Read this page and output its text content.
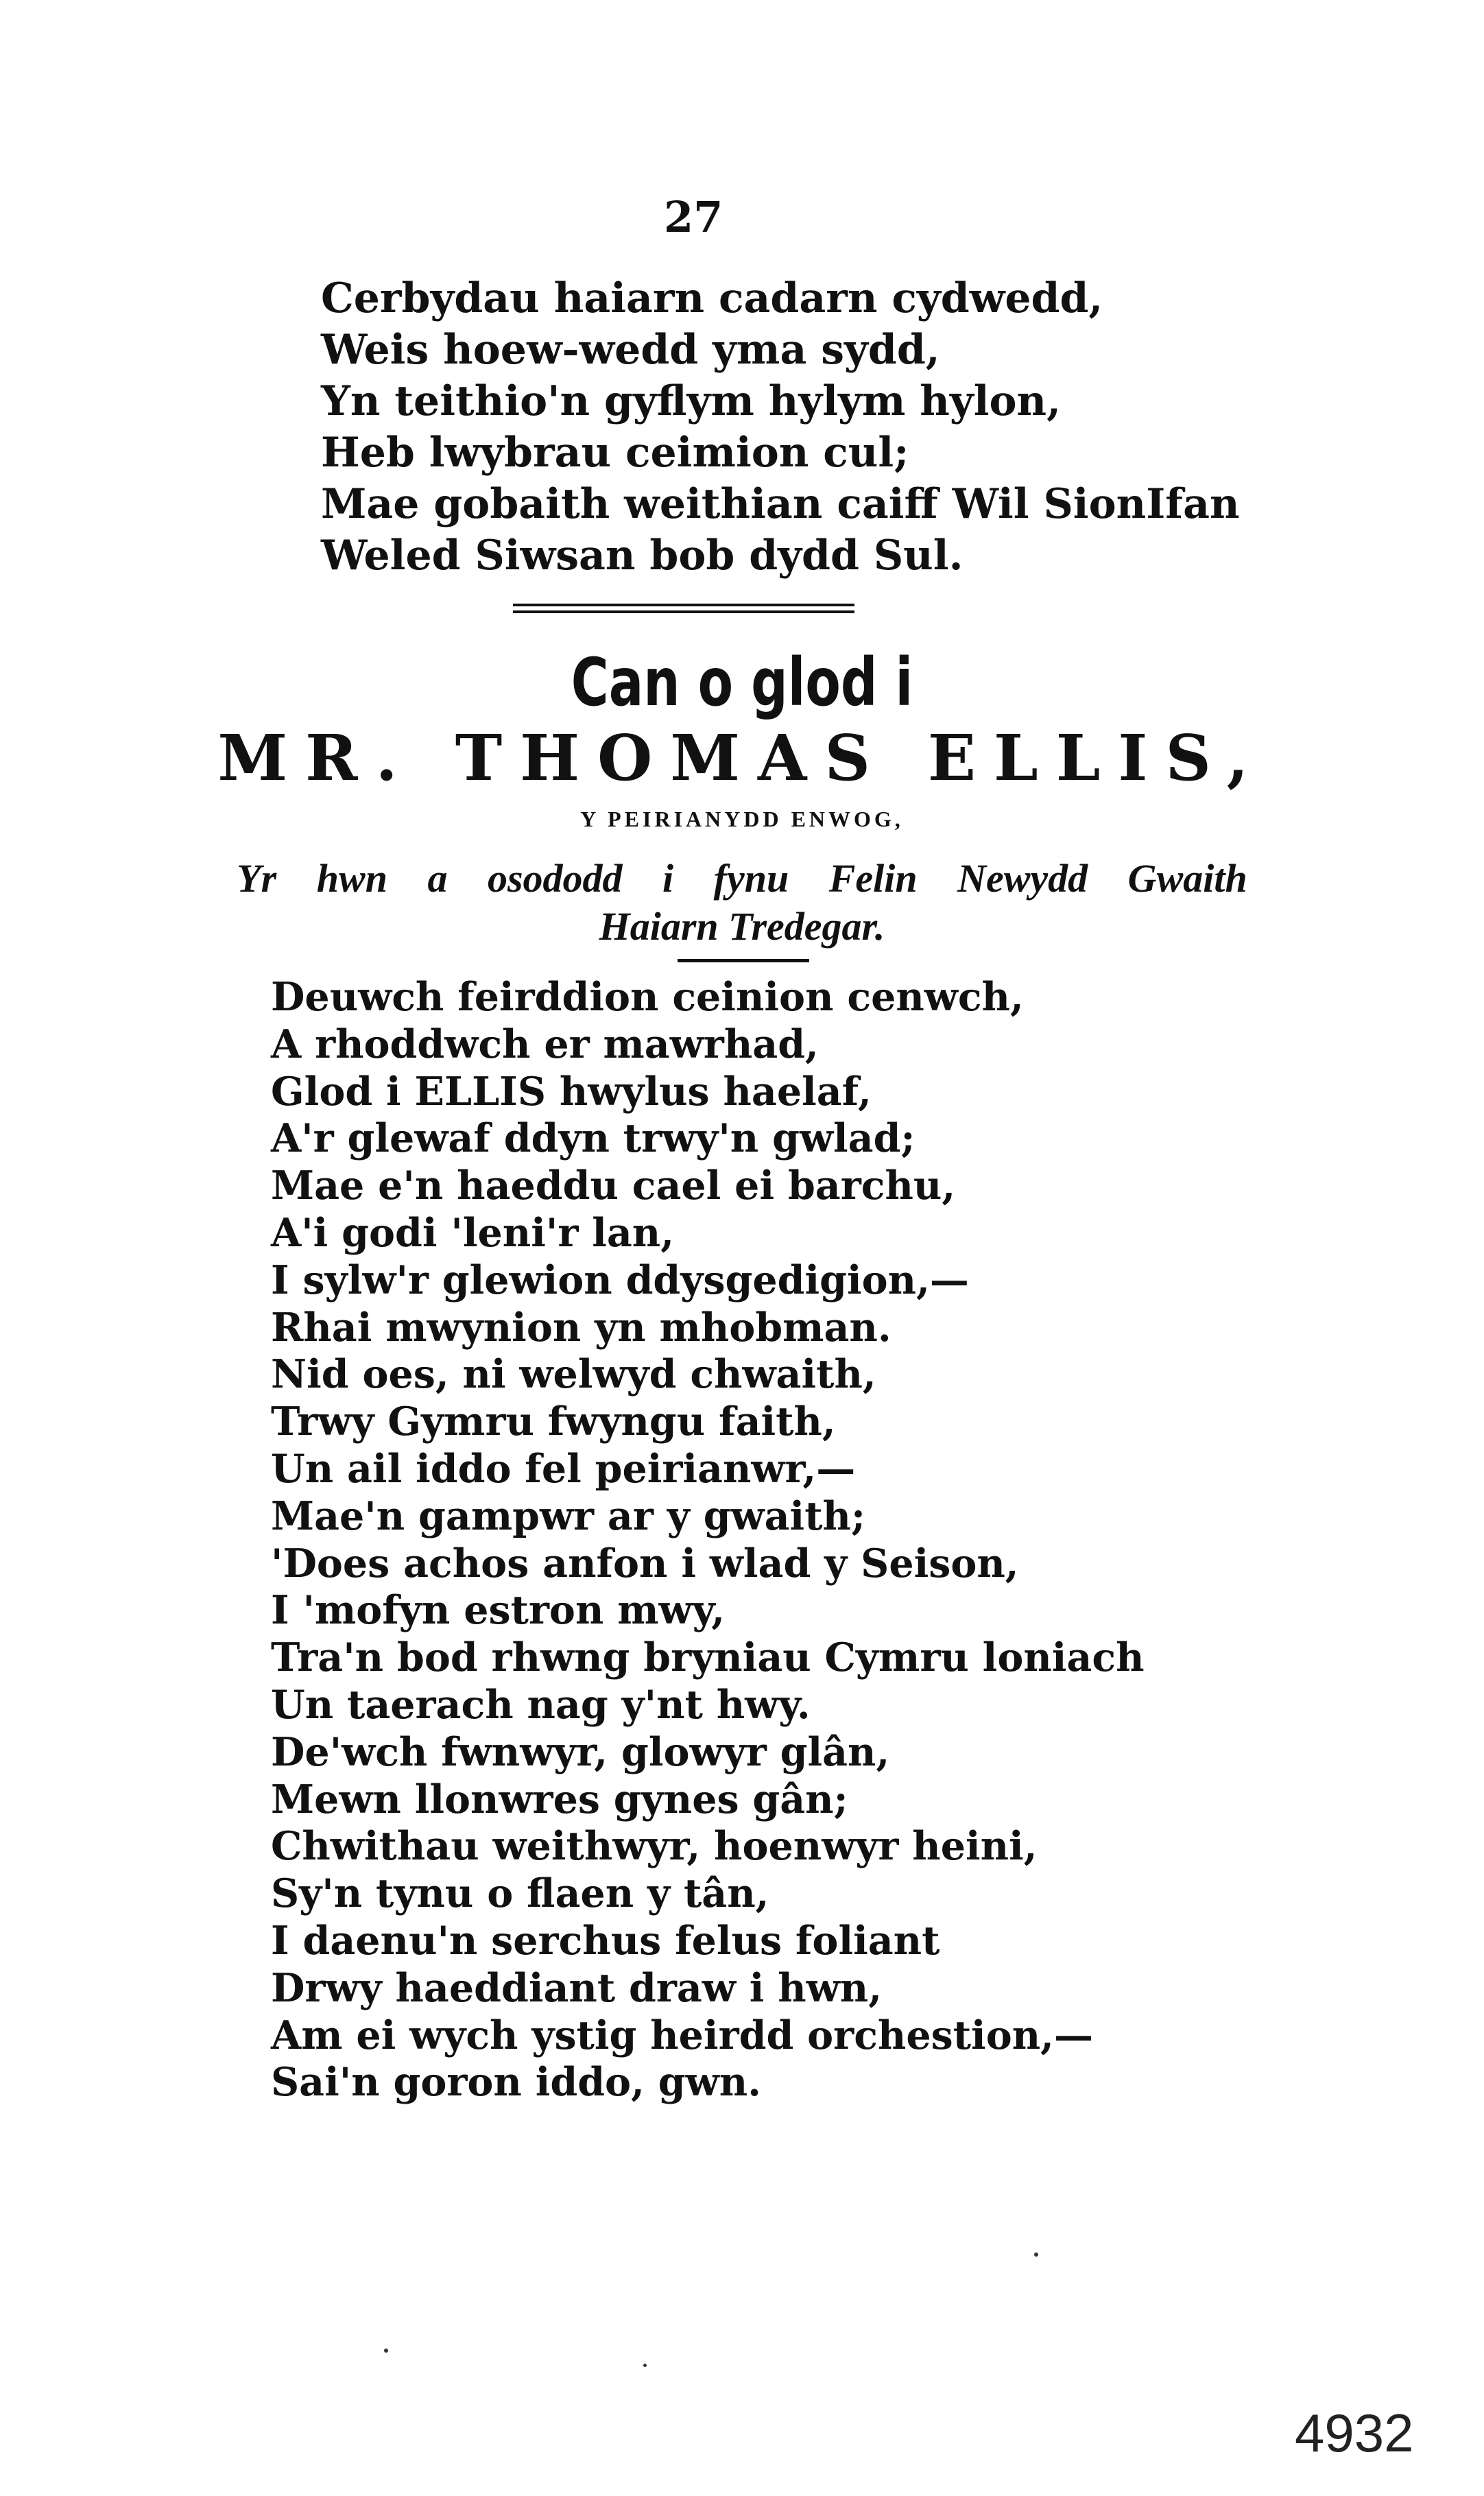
27
Cerbydau haiarn cadarn cydwedd,
Weis hoew-wedd yma sydd,
Yn teithio'n gyflym hylym hylon,
Heb lwybrau ceimion cul;
Mae gobaith weithian caiff Wil SionIfan
Weled Siwsan bob dydd Sul.
Can o glod i
MR. THOMAS ELLIS,
Y PEIRIANYDD ENWOG,
Yr hwn a osododd i fynu Felin Newydd Gwaith
Haiarn Tredegar.
Deuwch feirddion ceinion cenwch,
A rhoddwch er mawrhad,
Glod i ELLIS hwylus haelaf,
A'r glewaf ddyn trwy'n gwlad;
Mae e'n haeddu cael ei barchu,
A'i godi 'leni'r lan,
I sylw'r glewion ddysgedigion,—
Rhai mwynion yn mhobman.
Nid oes, ni welwyd chwaith,
Trwy Gymru fwyngu faith,
Un ail iddo fel peirianwr,—
Mae'n gampwr ar y gwaith;
'Does achos anfon i wlad y Seison,
I 'mofyn estron mwy,
Tra'n bod rhwng bryniau Cymru loniach
Un taerach nag y'nt hwy.
De'wch fwnwyr, glowyr glân,
Mewn llonwres gynes gân;
Chwithau weithwyr, hoenwyr heini,
Sy'n tynu o flaen y tân,
I daenu'n serchus felus foliant
Drwy haeddiant draw i hwn,
Am ei wych ystig heirdd orchestion,—
Sai'n goron iddo, gwn.
4932
